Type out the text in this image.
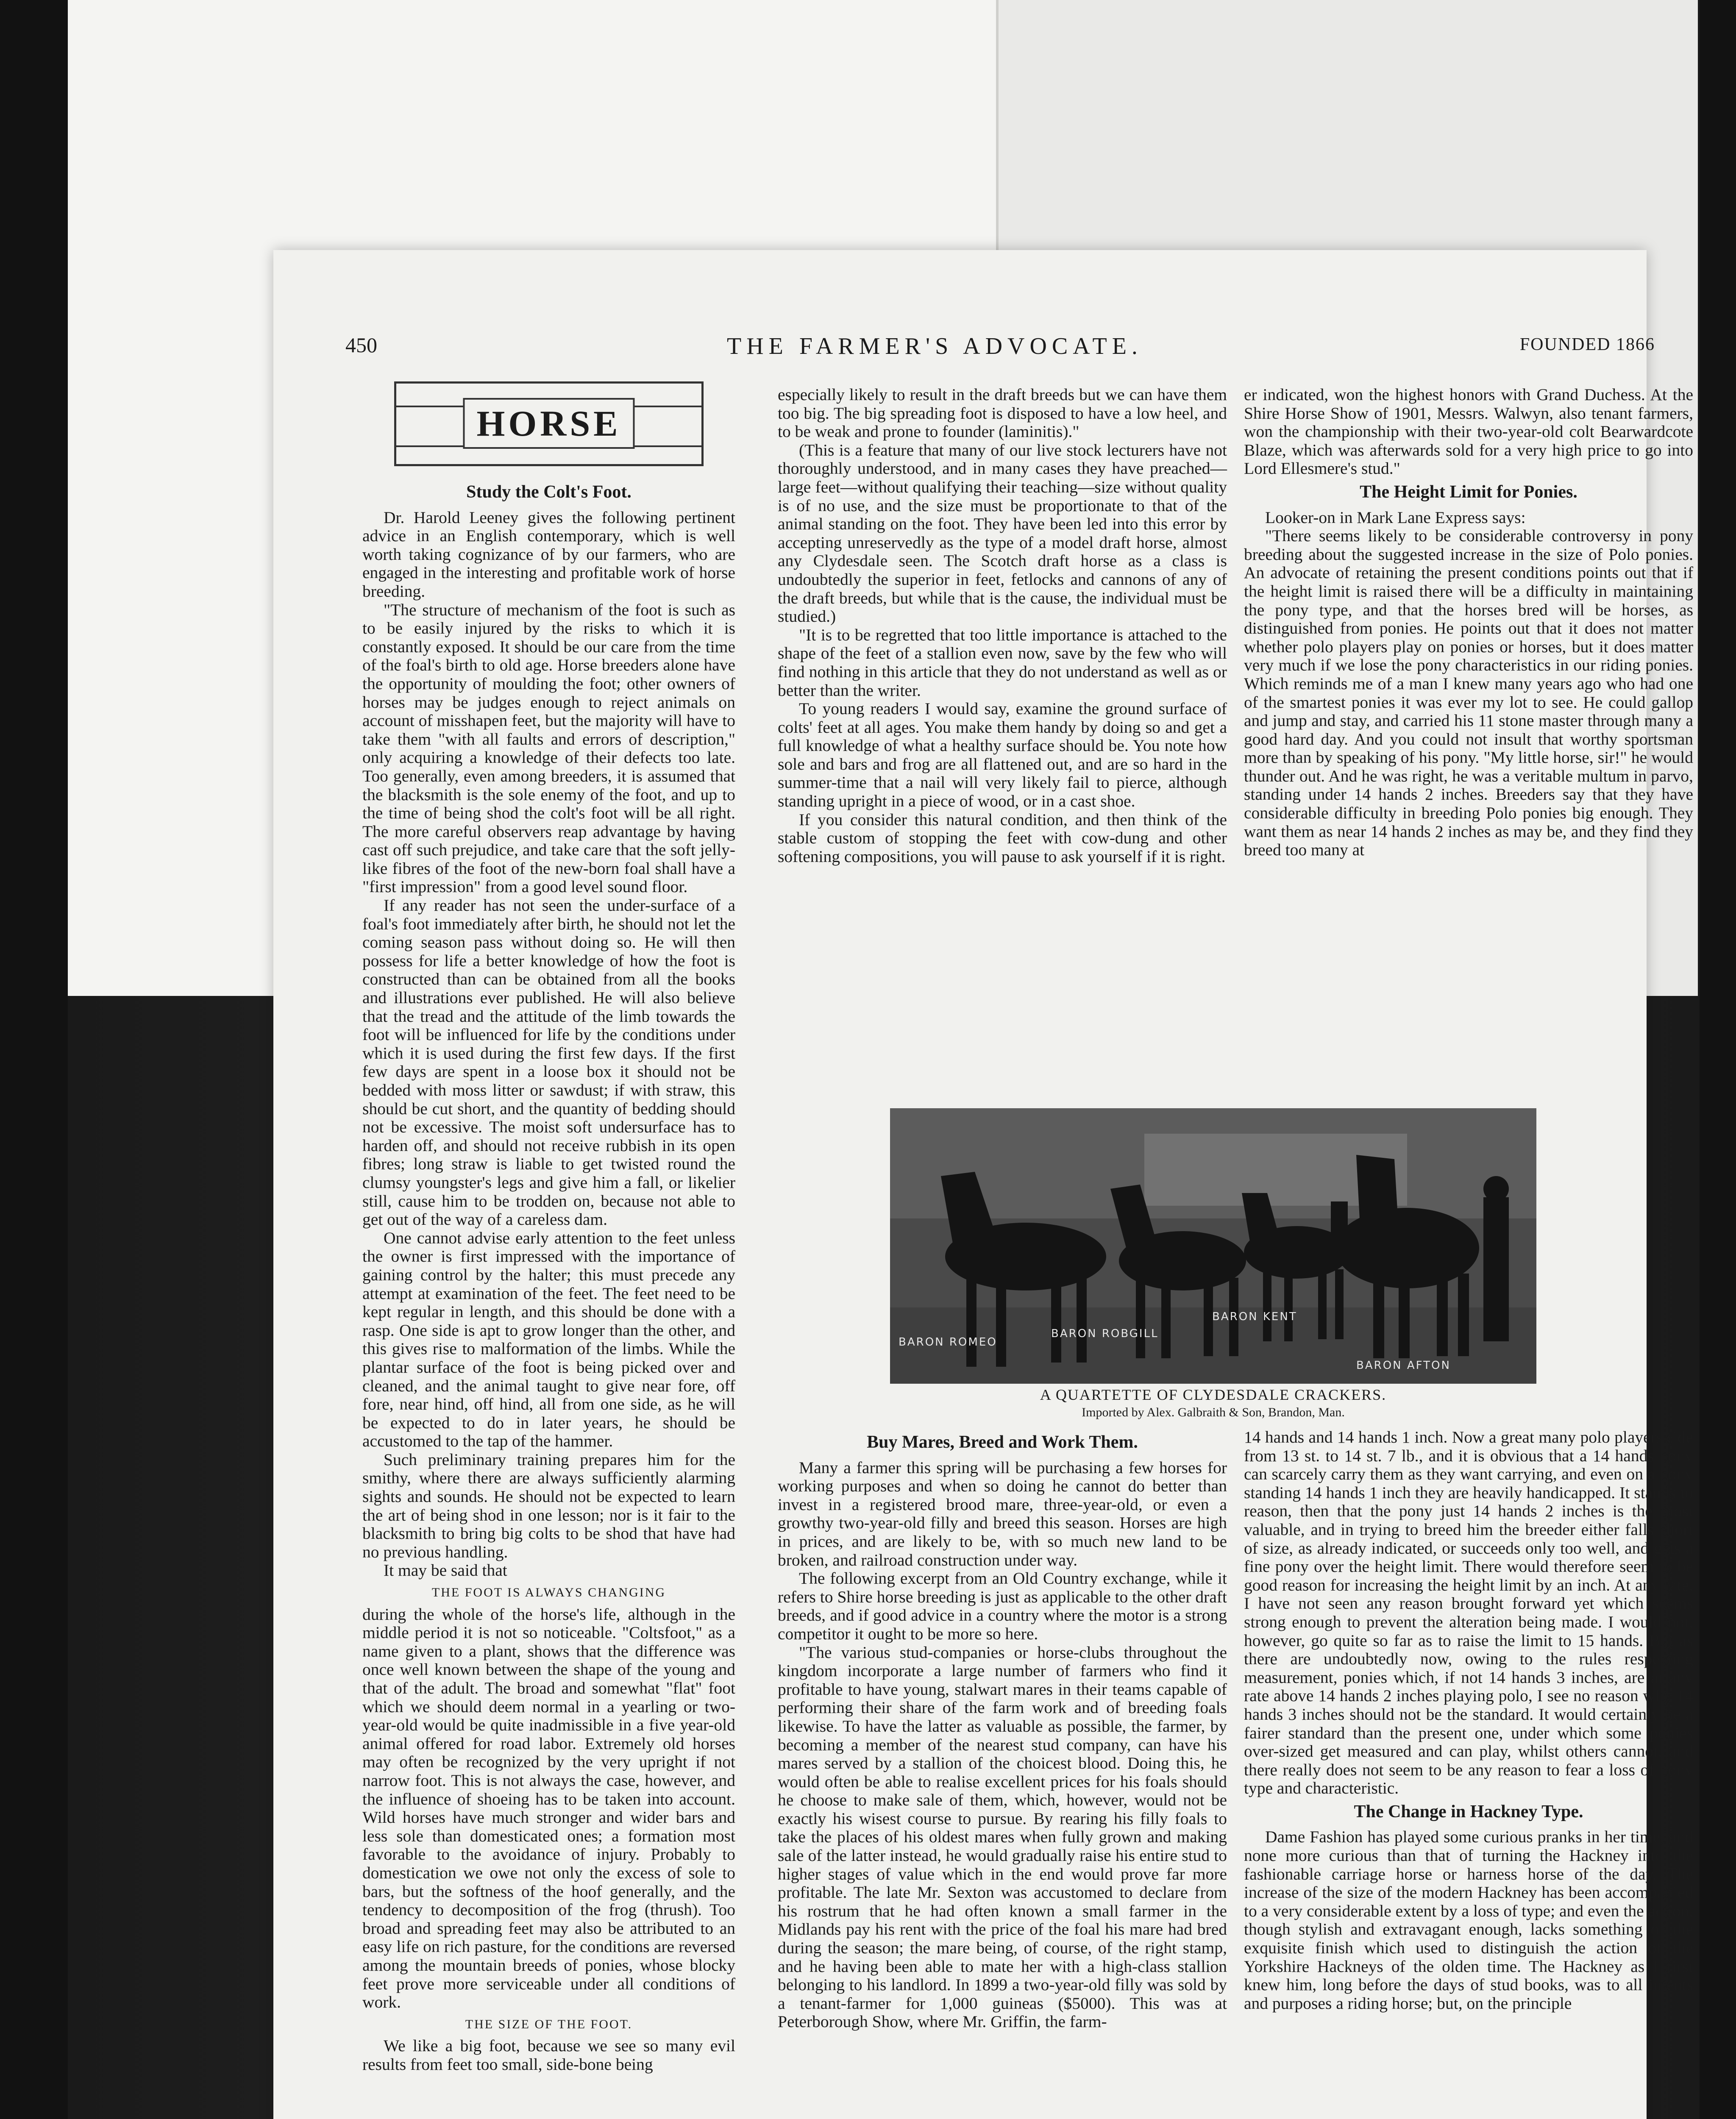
450	THE FARMER'S ADVOCATE.	FOUNDED 1866
HORSE
Study the Colt's Foot.

Dr. Harold Leeney gives the following pertinent advice in an English contemporary, which is well worth taking cognizance of by our farmers, who are engaged in the interesting and profitable work of horse breeding.

"The structure of mechanism of the foot is such as to be easily injured by the risks to which it is constantly exposed. It should be our care from the time of the foal's birth to old age. Horse breeders alone have the opportunity of moulding the foot; other owners of horses may be judges enough to reject animals on account of misshapen feet, but the majority will have to take them "with all faults and errors of description," only acquiring a knowledge of their defects too late. Too generally, even among breeders, it is assumed that the blacksmith is the sole enemy of the foot, and up to the time of being shod the colt's foot will be all right. The more careful observers reap advantage by having cast off such prejudice, and take care that the soft jelly-like fibres of the foot of the new-born foal shall have a "first impression" from a good level sound floor.

If any reader has not seen the under-surface of a foal's foot immediately after birth, he should not let the coming season pass without doing so. He will then possess for life a better knowledge of how the foot is constructed than can be obtained from all the books and illustrations ever published. He will also believe that the tread and the attitude of the limb towards the foot will be influenced for life by the conditions under which it is used during the first few days. If the first few days are spent in a loose box it should not be bedded with moss litter or sawdust; if with straw, this should be cut short, and the quantity of bedding should not be excessive. The moist soft undersurface has to harden off, and should not receive rubbish in its open fibres; long straw is liable to get twisted round the clumsy youngster's legs and give him a fall, or likelier still, cause him to be trodden on, because not able to get out of the way of a careless dam.

One cannot advise early attention to the feet unless the owner is first impressed with the importance of gaining control by the halter; this must precede any attempt at examination of the feet. The feet need to be kept regular in length, and this should be done with a rasp. One side is apt to grow longer than the other, and this gives rise to malformation of the limbs. While the plantar surface of the foot is being picked over and cleaned, and the animal taught to give near fore, off fore, near hind, off hind, all from one side, as he will be expected to do in later years, he should be accustomed to the tap of the hammer.

Such preliminary training prepares him for the smithy, where there are always sufficiently alarming sights and sounds. He should not be expected to learn the art of being shod in one lesson; nor is it fair to the blacksmith to bring big colts to be shod that have had no previous handling.

It may be said that

THE FOOT IS ALWAYS CHANGING

during the whole of the horse's life, although in the middle period it is not so noticeable. "Coltsfoot," as a name given to a plant, shows that the difference was once well known between the shape of the young and that of the adult. The broad and somewhat "flat" foot which we should deem normal in a yearling or two-year-old would be quite inadmissible in a five year-old animal offered for road labor. Extremely old horses may often be recognized by the very upright if not narrow foot. This is not always the case, however, and the influence of shoeing has to be taken into account. Wild horses have much stronger and wider bars and less sole than domesticated ones; a formation most favorable to the avoidance of injury. Probably to domestication we owe not only the excess of sole to bars, but the softness of the hoof generally, and the tendency to decomposition of the frog (thrush). Too broad and spreading feet may also be attributed to an easy life on rich pasture, for the conditions are reversed among the mountain breeds of ponies, whose blocky feet prove more serviceable under all conditions of work.

THE SIZE OF THE FOOT.

We like a big foot, because we see so many evil results from feet too small, side-bone being

especially likely to result in the draft breeds but we can have them too big. The big spreading foot is disposed to have a low heel, and to be weak and prone to founder (laminitis)."

(This is a feature that many of our live stock lecturers have not thoroughly understood, and in many cases they have preached—large feet—without qualifying their teaching—size without quality is of no use, and the size must be proportionate to that of the animal standing on the foot. They have been led into this error by accepting unreservedly as the type of a model draft horse, almost any Clydesdale seen. The Scotch draft horse as a class is undoubtedly the superior in feet, fetlocks and cannons of any of the draft breeds, but while that is the cause, the individual must be studied.)

"It is to be regretted that too little importance is attached to the shape of the feet of a stallion even now, save by the few who will find nothing in this article that they do not understand as well as or better than the writer.

To young readers I would say, examine the ground surface of colts' feet at all ages. You make them handy by doing so and get a full knowledge of what a healthy surface should be. You note how sole and bars and frog are all flattened out, and are so hard in the summer-time that a nail will very likely fail to pierce, although standing upright in a piece of wood, or in a cast shoe.

If you consider this natural condition, and then think of the stable custom of stopping the feet with cow-dung and other softening compositions, you will pause to ask yourself if it is right.

er indicated, won the highest honors with Grand Duchess. At the Shire Horse Show of 1901, Messrs. Walwyn, also tenant farmers, won the championship with their two-year-old colt Bearwardcote Blaze, which was afterwards sold for a very high price to go into Lord Ellesmere's stud."

The Height Limit for Ponies.

Looker-on in Mark Lane Express says:

"There seems likely to be considerable controversy in pony breeding about the suggested increase in the size of Polo ponies. An advocate of retaining the present conditions points out that if the height limit is raised there will be a difficulty in maintaining the pony type, and that the horses bred will be horses, as distinguished from ponies. He points out that it does not matter whether polo players play on ponies or horses, but it does matter very much if we lose the pony characteristics in our riding ponies. Which reminds me of a man I knew many years ago who had one of the smartest ponies it was ever my lot to see. He could gallop and jump and stay, and carried his 11 stone master through many a good hard day. And you could not insult that worthy sportsman more than by speaking of his pony. "My little horse, sir!" he would thunder out. And he was right, he was a veritable multum in parvo, standing under 14 hands 2 inches. Breeders say that they have considerable difficulty in breeding Polo ponies big enough. They want them as near 14 hands 2 inches as may be, and they find they breed too many at

BARON ROMEO
BARON ROBGILL
BARON KENT
BARON AFTON
A QUARTETTE OF CLYDESDALE CRACKERS.
Imported by Alex. Galbraith & Son, Brandon, Man.
Buy Mares, Breed and Work Them.

Many a farmer this spring will be purchasing a few horses for working purposes and when so doing he cannot do better than invest in a registered brood mare, three-year-old, or even a growthy two-year-old filly and breed this season. Horses are high in prices, and are likely to be, with so much new land to be broken, and railroad construction under way.

The following excerpt from an Old Country exchange, while it refers to Shire horse breeding is just as applicable to the other draft breeds, and if good advice in a country where the motor is a strong competitor it ought to be more so here.

"The various stud-companies or horse-clubs throughout the kingdom incorporate a large number of farmers who find it profitable to have young, stalwart mares in their teams capable of performing their share of the farm work and of breeding foals likewise. To have the latter as valuable as possible, the farmer, by becoming a member of the nearest stud company, can have his mares served by a stallion of the choicest blood. Doing this, he would often be able to realise excellent prices for his foals should he choose to make sale of them, which, however, would not be exactly his wisest course to pursue. By rearing his filly foals to take the places of his oldest mares when fully grown and making sale of the latter instead, he would gradually raise his entire stud to higher stages of value which in the end would prove far more profitable. The late Mr. Sexton was accustomed to declare from his rostrum that he had often known a small farmer in the Midlands pay his rent with the price of the foal his mare had bred during the season; the mare being, of course, of the right stamp, and he having been able to mate her with a high-class stallion belonging to his landlord. In 1899 a two-year-old filly was sold by a tenant-farmer for 1,000 guineas ($5000). This was at Peterborough Show, where Mr. Griffin, the farm-

14 hands and 14 hands 1 inch. Now a great many polo players ride from 13 st. to 14 st. 7 lb., and it is obvious that a 14 hands pony can scarcely carry them as they want carrying, and even on a pony standing 14 hands 1 inch they are heavily handicapped. It stands to reason, then that the pony just 14 hands 2 inches is the most valuable, and in trying to breed him the breeder either falls short of size, as already indicated, or succeeds only too well, and gets a fine pony over the height limit. There would therefore seem to be good reason for increasing the height limit by an inch. At any rate, I have not seen any reason brought forward yet which seems strong enough to prevent the alteration being made. I would not, however, go quite so far as to raise the limit to 15 hands. But as there are undoubtedly now, owing to the rules respecting measurement, ponies which, if not 14 hands 3 inches, are at any rate above 14 hands 2 inches playing polo, I see no reason why 14 hands 3 inches should not be the standard. It would certainly be a fairer standard than the present one, under which some ponies over-sized get measured and can play, whilst others cannot, and there really does not seem to be any reason to fear a loss of pony type and characteristic.

The Change in Hackney Type.

Dame Fashion has played some curious pranks in her time, and none more curious than that of turning the Hackney into the fashionable carriage horse or harness horse of the day. The increase of the size of the modern Hackney has been accompanied to a very considerable extent by a loss of type; and even the action, though stylish and extravagant enough, lacks something of the exquisite finish which used to distinguish the action of the Yorkshire Hackneys of the olden time. The Hackney as I first knew him, long before the days of stud books, was to all intents and purposes a riding horse; but, on the principle
